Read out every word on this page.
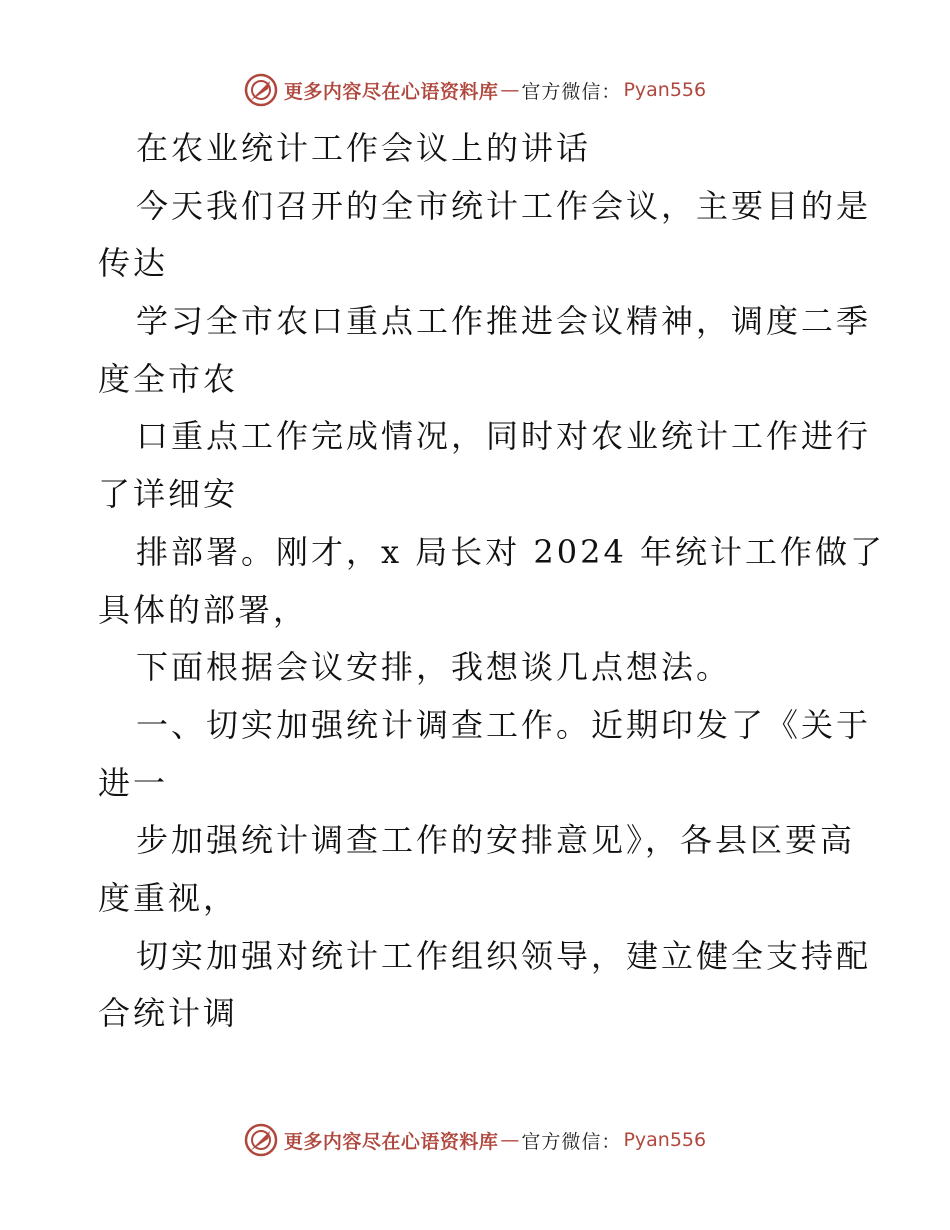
更多内容尽在心语资料库 — 官方微信： Pyan556
在农业统计工作会议上的讲话
今天我们召开的全市统计工作会议，主要目的是
传达
学习全市农口重点工作推进会议精神，调度二季
度全市农
口重点工作完成情况，同时对农业统计工作进行
了详细安
排部署。刚才，x 局长对 2024 年统计工作做了
具体的部署，
下面根据会议安排，我想谈几点想法。
一、切实加强统计调查工作。近期印发了《关于
进一
步加强统计调查工作的安排意见》，各县区要高
度重视，
切实加强对统计工作组织领导，建立健全支持配
合统计调
更多内容尽在心语资料库 — 官方微信： Pyan556
